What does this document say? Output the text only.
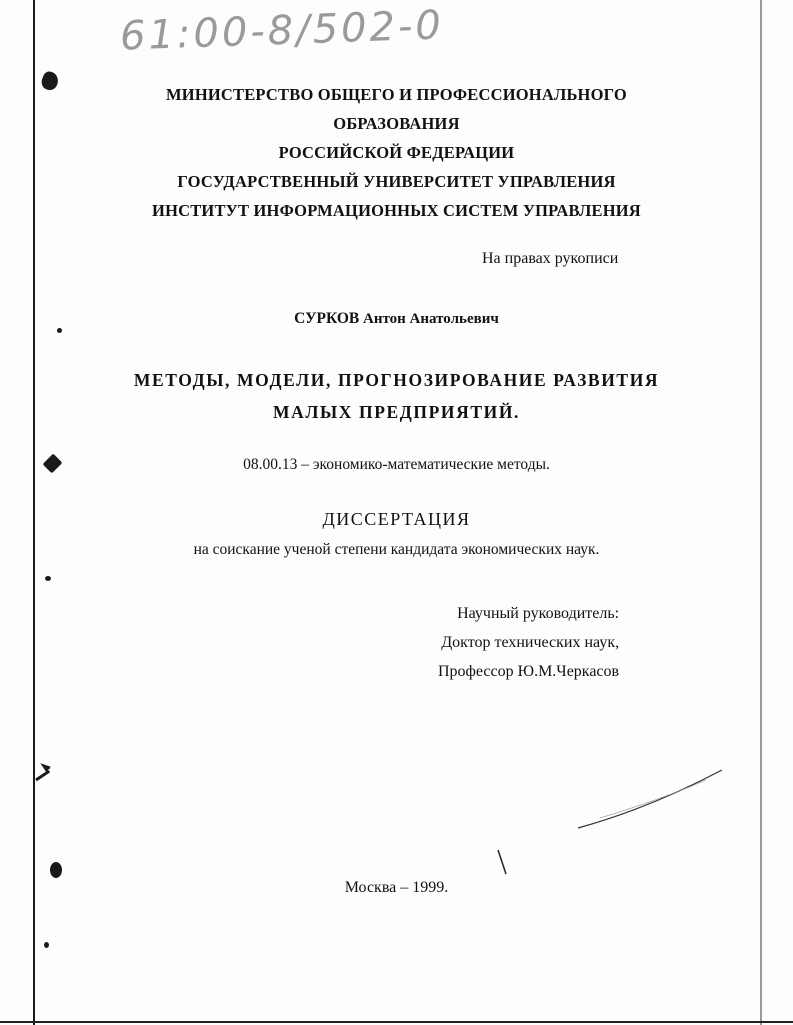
61:00-8/502-0
МИНИСТЕРСТВО ОБЩЕГО И ПРОФЕССИОНАЛЬНОГО
ОБРАЗОВАНИЯ
РОССИЙСКОЙ ФЕДЕРАЦИИ
ГОСУДАРСТВЕННЫЙ УНИВЕРСИТЕТ УПРАВЛЕНИЯ
ИНСТИТУТ ИНФОРМАЦИОННЫХ СИСТЕМ УПРАВЛЕНИЯ
На правах рукописи
СУРКОВ Антон Анатольевич
МЕТОДЫ, МОДЕЛИ, ПРОГНОЗИРОВАНИЕ РАЗВИТИЯ
МАЛЫХ ПРЕДПРИЯТИЙ.
08.00.13 – экономико-математические методы.
ДИССЕРТАЦИЯ
на соискание ученой степени кандидата экономических наук.
Научный руководитель:
Доктор технических наук,
Профессор Ю.М.Черкасов
Москва – 1999.
